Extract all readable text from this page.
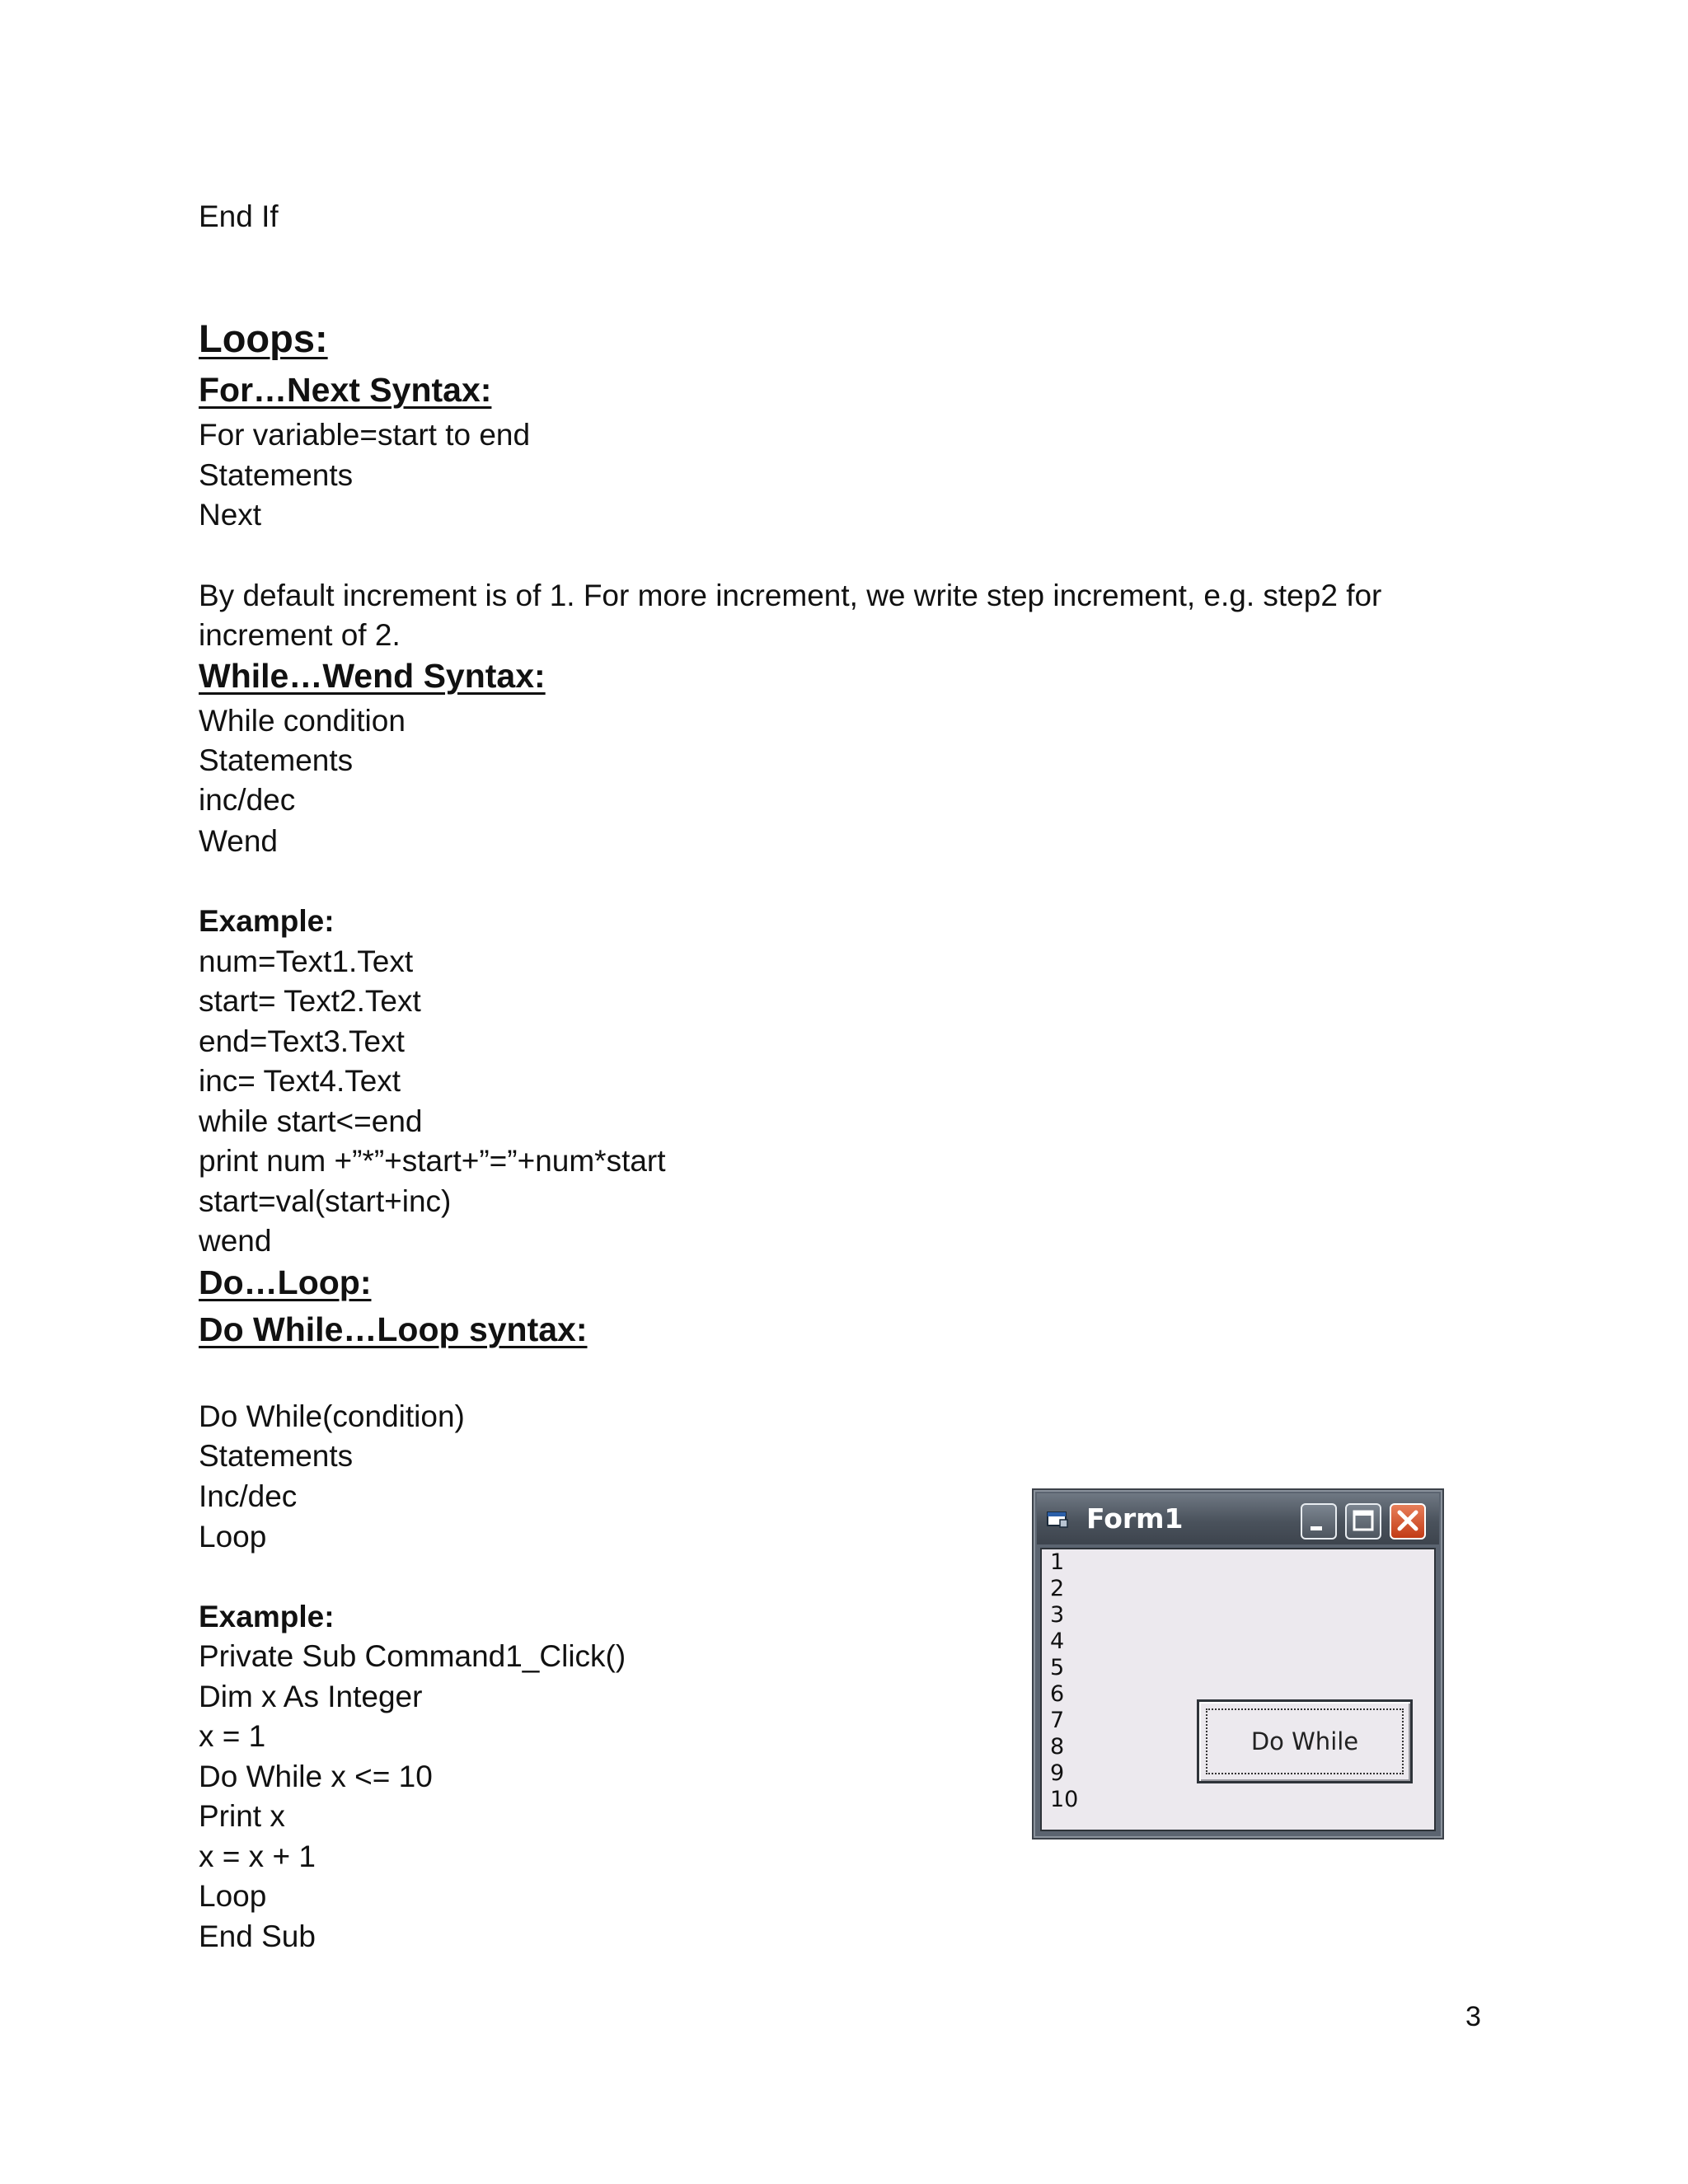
End If
Loops:
For…Next Syntax:
For variable=start to end
Statements
Next
By default increment is of 1. For more increment, we write step increment, e.g. step2 for
increment of 2.
While…Wend Syntax:
While condition
Statements
inc/dec
Wend
Example:
num=Text1.Text
start= Text2.Text
end=Text3.Text
inc= Text4.Text
while start<=end
print num +”*”+start+”=”+num*start
start=val(start+inc)
wend
Do…Loop:
Do While…Loop syntax:
Do While(condition)
Statements
Inc/dec
Loop
Example:
Private Sub Command1_Click()
Dim x As Integer
x = 1
Do While x <= 10
Print x
x = x + 1
Loop
End Sub
Form1
1
2
3
4
5
6
7
8
9
10
Do While
3
